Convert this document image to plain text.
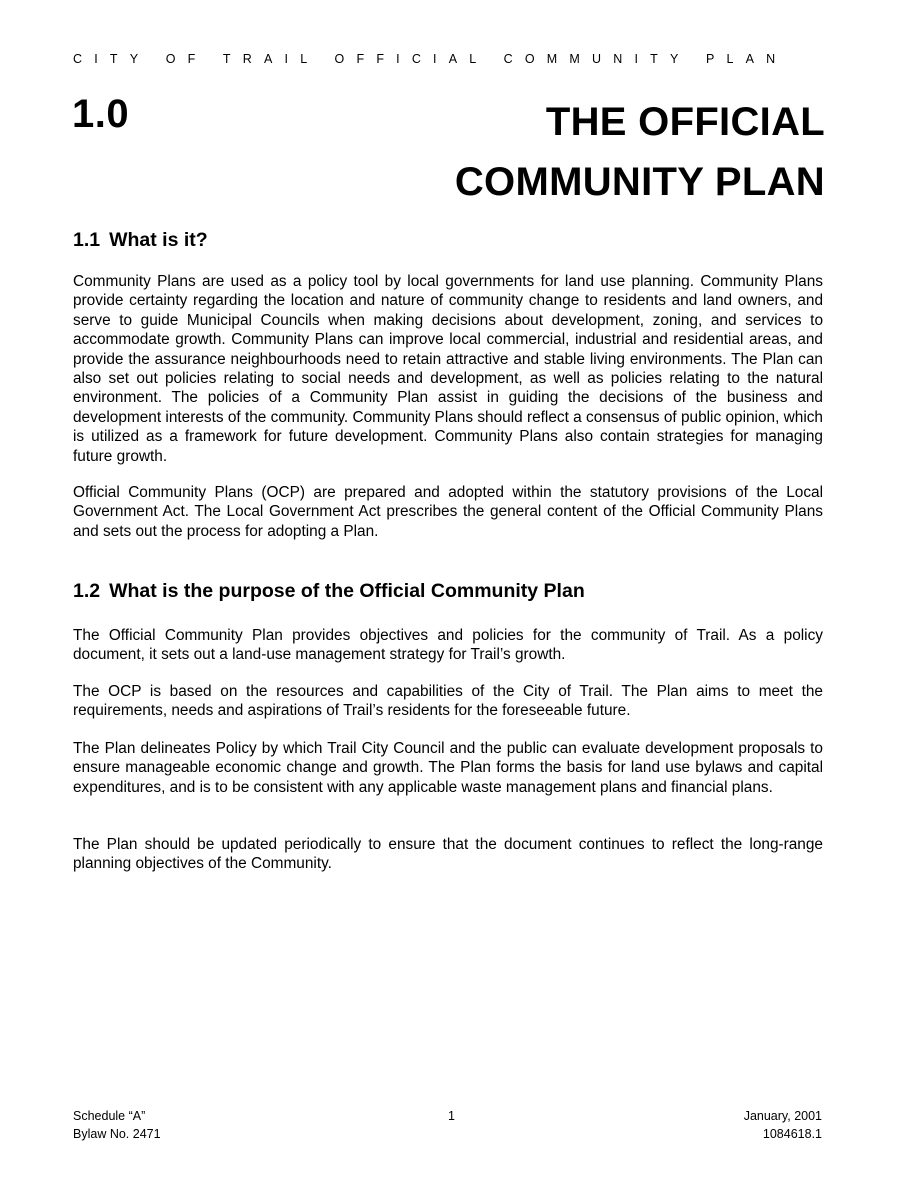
CITY OF TRAIL OFFICIAL COMMUNITY PLAN
1.0	THE OFFICIAL
COMMUNITY PLAN
1.1 What is it?

Community Plans are used as a policy tool by local governments for land use planning. Community Plans provide certainty regarding the location and nature of community change to residents and land owners, and serve to guide Municipal Councils when making decisions about development, zoning, and services to accommodate growth. Community Plans can improve local commercial, industrial and residential areas, and provide the assurance neighbourhoods need to retain attractive and stable living environments. The Plan can also set out policies relating to social needs and development, as well as policies relating to the natural environment. The policies of a Community Plan assist in guiding the decisions of the business and development interests of the community. Community Plans should reflect a consensus of public opinion, which is utilized as a framework for future development. Community Plans also contain strategies for managing future growth.

Official Community Plans (OCP) are prepared and adopted within the statutory provisions of the Local Government Act. The Local Government Act prescribes the general content of the Official Community Plans and sets out the process for adopting a Plan.

1.2 What is the purpose of the Official Community Plan

The Official Community Plan provides objectives and policies for the community of Trail. As a policy document, it sets out a land-use management strategy for Trail’s growth.

The OCP is based on the resources and capabilities of the City of Trail. The Plan aims to meet the requirements, needs and aspirations of Trail’s residents for the foreseeable future.

The Plan delineates Policy by which Trail City Council and the public can evaluate development proposals to ensure manageable economic change and growth. The Plan forms the basis for land use bylaws and capital expenditures, and is to be consistent with any applicable waste management plans and financial plans.

The Plan should be updated periodically to ensure that the document continues to reflect the long-range planning objectives of the Community.

Schedule “A”
Bylaw No. 2471
1	January, 2001
1084618.1
